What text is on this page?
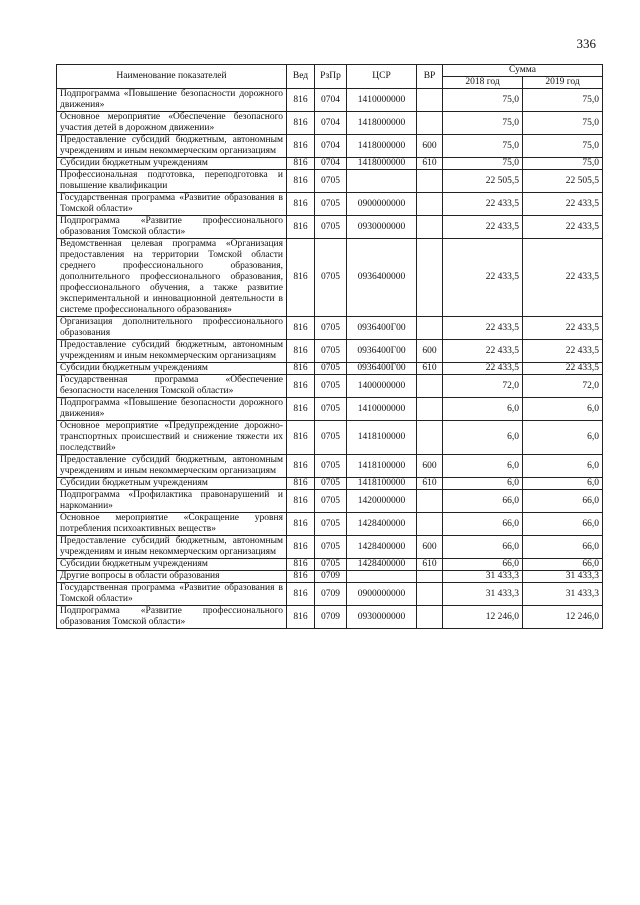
336
Наименование показателей	Вед	РзПр	ЦСР	ВР	Сумма	
					2018 год	2019 год
Подпрограмма «Повышение безопасности дорожного движения»	816	0704	1410000000		75,0	75,0
Основное мероприятие «Обеспечение безопасного участия детей в дорожном движении»	816	0704	1418000000		75,0	75,0
Предоставление субсидий бюджетным, автономным учреждениям и иным некоммерческим организациям	816	0704	1418000000	600	75,0	75,0
Субсидии бюджетным учреждениям	816	0704	1418000000	610	75,0	75,0
Профессиональная подготовка, переподготовка и повышение квалификации	816	0705			22 505,5	22 505,5
Государственная программа «Развитие образования в Томской области»	816	0705	0900000000		22 433,5	22 433,5
Подпрограмма «Развитие профессионального образования Томской области»	816	0705	0930000000		22 433,5	22 433,5
Ведомственная целевая программа «Организация предоставления на территории Томской области среднего профессионального образования, дополнительного профессионального образования, профессионального обучения, а также развитие экспериментальной и инновационной деятельности в системе профессионального образования»	816	0705	0936400000		22 433,5	22 433,5
Организация дополнительного профессионального образования	816	0705	0936400Г00		22 433,5	22 433,5
Предоставление субсидий бюджетным, автономным учреждениям и иным некоммерческим организациям	816	0705	0936400Г00	600	22 433,5	22 433,5
Субсидии бюджетным учреждениям	816	0705	0936400Г00	610	22 433,5	22 433,5
Государственная программа «Обеспечение безопасности населения Томской области»	816	0705	1400000000		72,0	72,0
Подпрограмма «Повышение безопасности дорожного движения»	816	0705	1410000000		6,0	6,0
Основное мероприятие «Предупреждение дорожно-транспортных происшествий и снижение тяжести их последствий»	816	0705	1418100000		6,0	6,0
Предоставление субсидий бюджетным, автономным учреждениям и иным некоммерческим организациям	816	0705	1418100000	600	6,0	6,0
Субсидии бюджетным учреждениям	816	0705	1418100000	610	6,0	6,0
Подпрограмма «Профилактика правонарушений и наркомании»	816	0705	1420000000		66,0	66,0
Основное мероприятие «Сокращение уровня потребления психоактивных веществ»	816	0705	1428400000		66,0	66,0
Предоставление субсидий бюджетным, автономным учреждениям и иным некоммерческим организациям	816	0705	1428400000	600	66,0	66,0
Субсидии бюджетным учреждениям	816	0705	1428400000	610	66,0	66,0
Другие вопросы в области образования	816	0709			31 433,3	31 433,3
Государственная программа «Развитие образования в Томской области»	816	0709	0900000000		31 433,3	31 433,3
Подпрограмма «Развитие профессионального образования Томской области»	816	0709	0930000000		12 246,0	12 246,0
